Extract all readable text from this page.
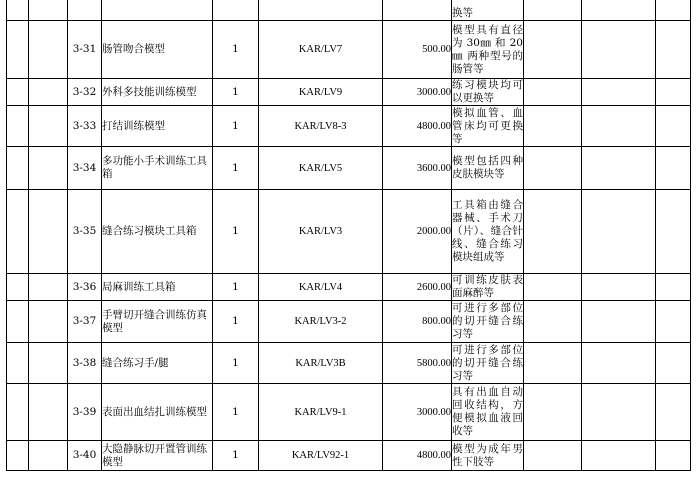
							换等			
		3-31	肠管吻合模型	1	KAR/LV7	500.00	模型具有直径为 30㎜ 和 20㎜ 两种型号的肠管等			
		3-32	外科多技能训练模型	1	KAR/LV9	3000.00	练习模块均可以更换等			
		3-33	打结训练模型	1	KAR/LV8-3	4800.00	模拟血管、血管床均可更换等			
		3-34	多功能小手术训练工具箱	1	KAR/LV5	3600.00	模型包括四种皮肤模块等			
		3-35	缝合练习模块工具箱	1	KAR/LV3	2000.00	工具箱由缝合器械、手术刀（片）、缝合针线、缝合练习模块组成等			
		3-36	局麻训练工具箱	1	KAR/LV4	2600.00	可训练皮肤表面麻醉等			
		3-37	手臂切开缝合训练仿真模型	1	KAR/LV3-2	800.00	可进行多部位的切开缝合练习等			
		3-38	缝合练习手/腿	1	KAR/LV3B	5800.00	可进行多部位的切开缝合练习等			
		3-39	表面出血结扎训练模型	1	KAR/LV9-1	3000.00	具有出血自动回收结构，方便模拟血液回收等			
		3-40	大隐静脉切开置管训练模型	1	KAR/LV92-1	4800.00	模型为成年男性下肢等			
